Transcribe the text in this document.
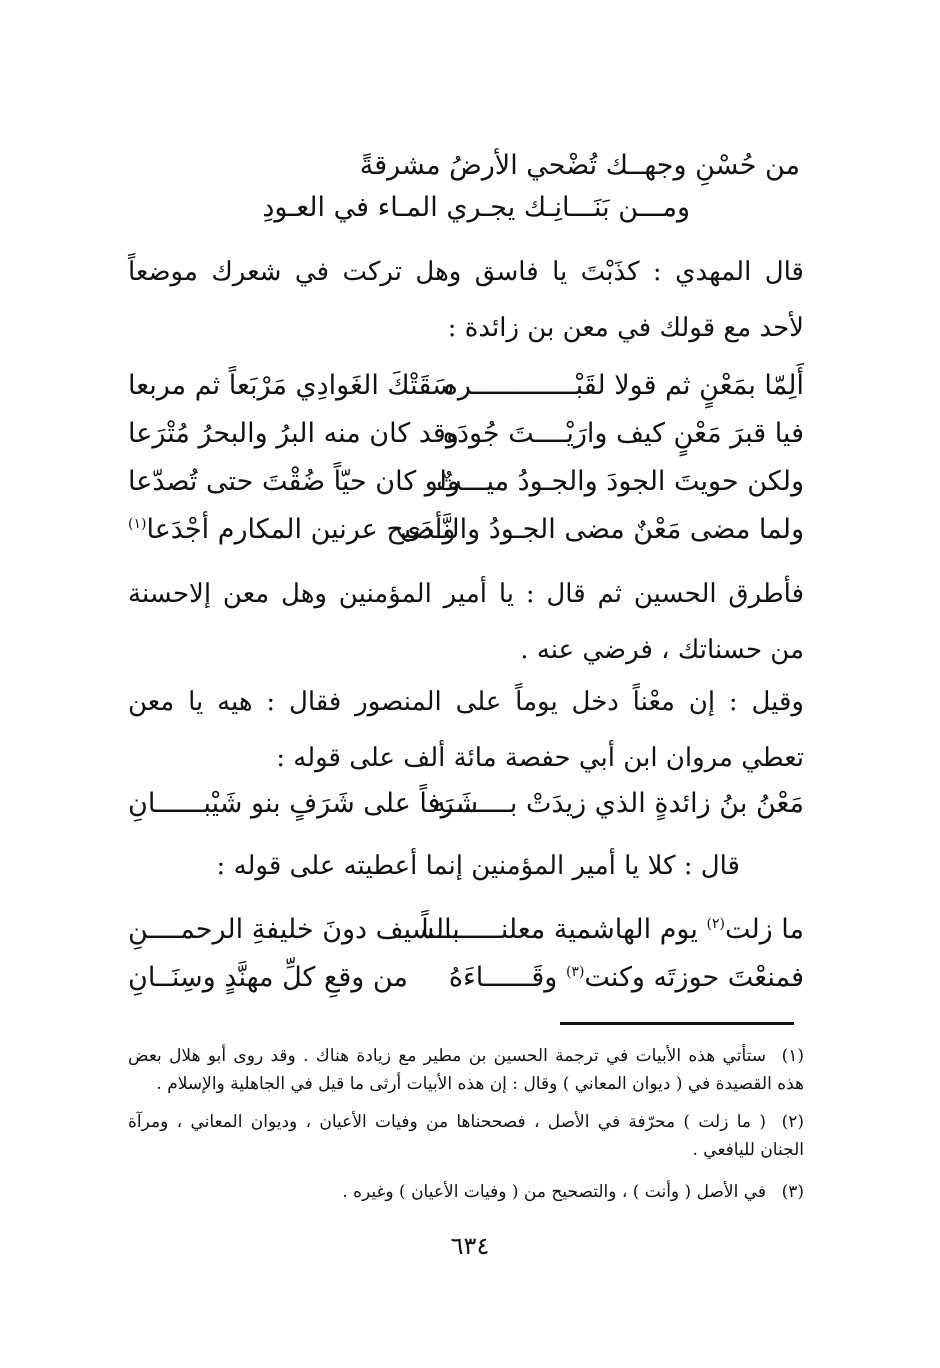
من حُسْنِ وجهــك تُضْحي الأرضُ مشرقةً
ومـــن بَنَـــانِـك يجـري المـاء في العـودِ
قال المهدي : كذَبْتَ يا فاسق وهل تركت في شعرك موضعاً لأحد مع قولك في معن بن زائدة :
أَلِمّا بمَعْنٍ ثم قولا لقَبْـــــــــــــره
سَقَتْكَ الغَوادِي مَرْبَعاً ثم مربعا
فيا قبرَ مَعْنٍ كيف وارَيْــــتَ جُودَه
وقد كان منه البرُ والبحرُ مُتْرَعا
ولكن حويتَ الجودَ والجـودُ ميـــتٌ
ولو كان حيّاً ضُقْتَ حتى تُصدّعا
ولما مضى مَعْنٌ مضى الجـودُ والنَّـدَى
وأصبح عرنين المكارم أجْدَعا$^{(١)}$
فأطرق الحسين ثم قال : يا أمير المؤمنين وهل معن إلاحسنة من حسناتك ، فرضي عنه .
وقيل : إن معْناً دخل يوماً على المنصور فقال : هيه يا معن تعطي مروان ابن أبي حفصة مائة ألف على قوله :
مَعْنُ بنُ زائدةٍ الذي زيدَتْ بــــــــه
شَرَفاً على شَرَفٍ بنو شَيْبــــــانِ
قال : كلا يا أمير المؤمنين إنما أعطيته على قوله :
ما زلت$^{(٢)}$ يوم الهاشمية معلنـــــــــاً
بالسيف دونَ خليفةِ الرحمــــنِ
فمنعْتَ حوزتَه وكنت$^{(٣)}$ وقَــــــاءَهُ
من وقعِ كلِّ مهنَّدٍ وسِنَــانِ
(١)ستأتي هذه الأبيات في ترجمة الحسين بن مطير مع زيادة هناك . وقد روى أبو هلال بعض هذه القصيدة في ( ديوان المعاني ) وقال : إن هذه الأبيات أرثى ما قيل في الجاهلية والإسلام .
(٢)( ما زلت ) محرّفة في الأصل ، فصححناها من وفيات الأعيان ، وديوان المعاني ، ومرآة الجنان لليافعي .
(٣)في الأصل ( وأنت ) ، والتصحيح من ( وفيات الأعيان ) وغيره .
٦٣٤
